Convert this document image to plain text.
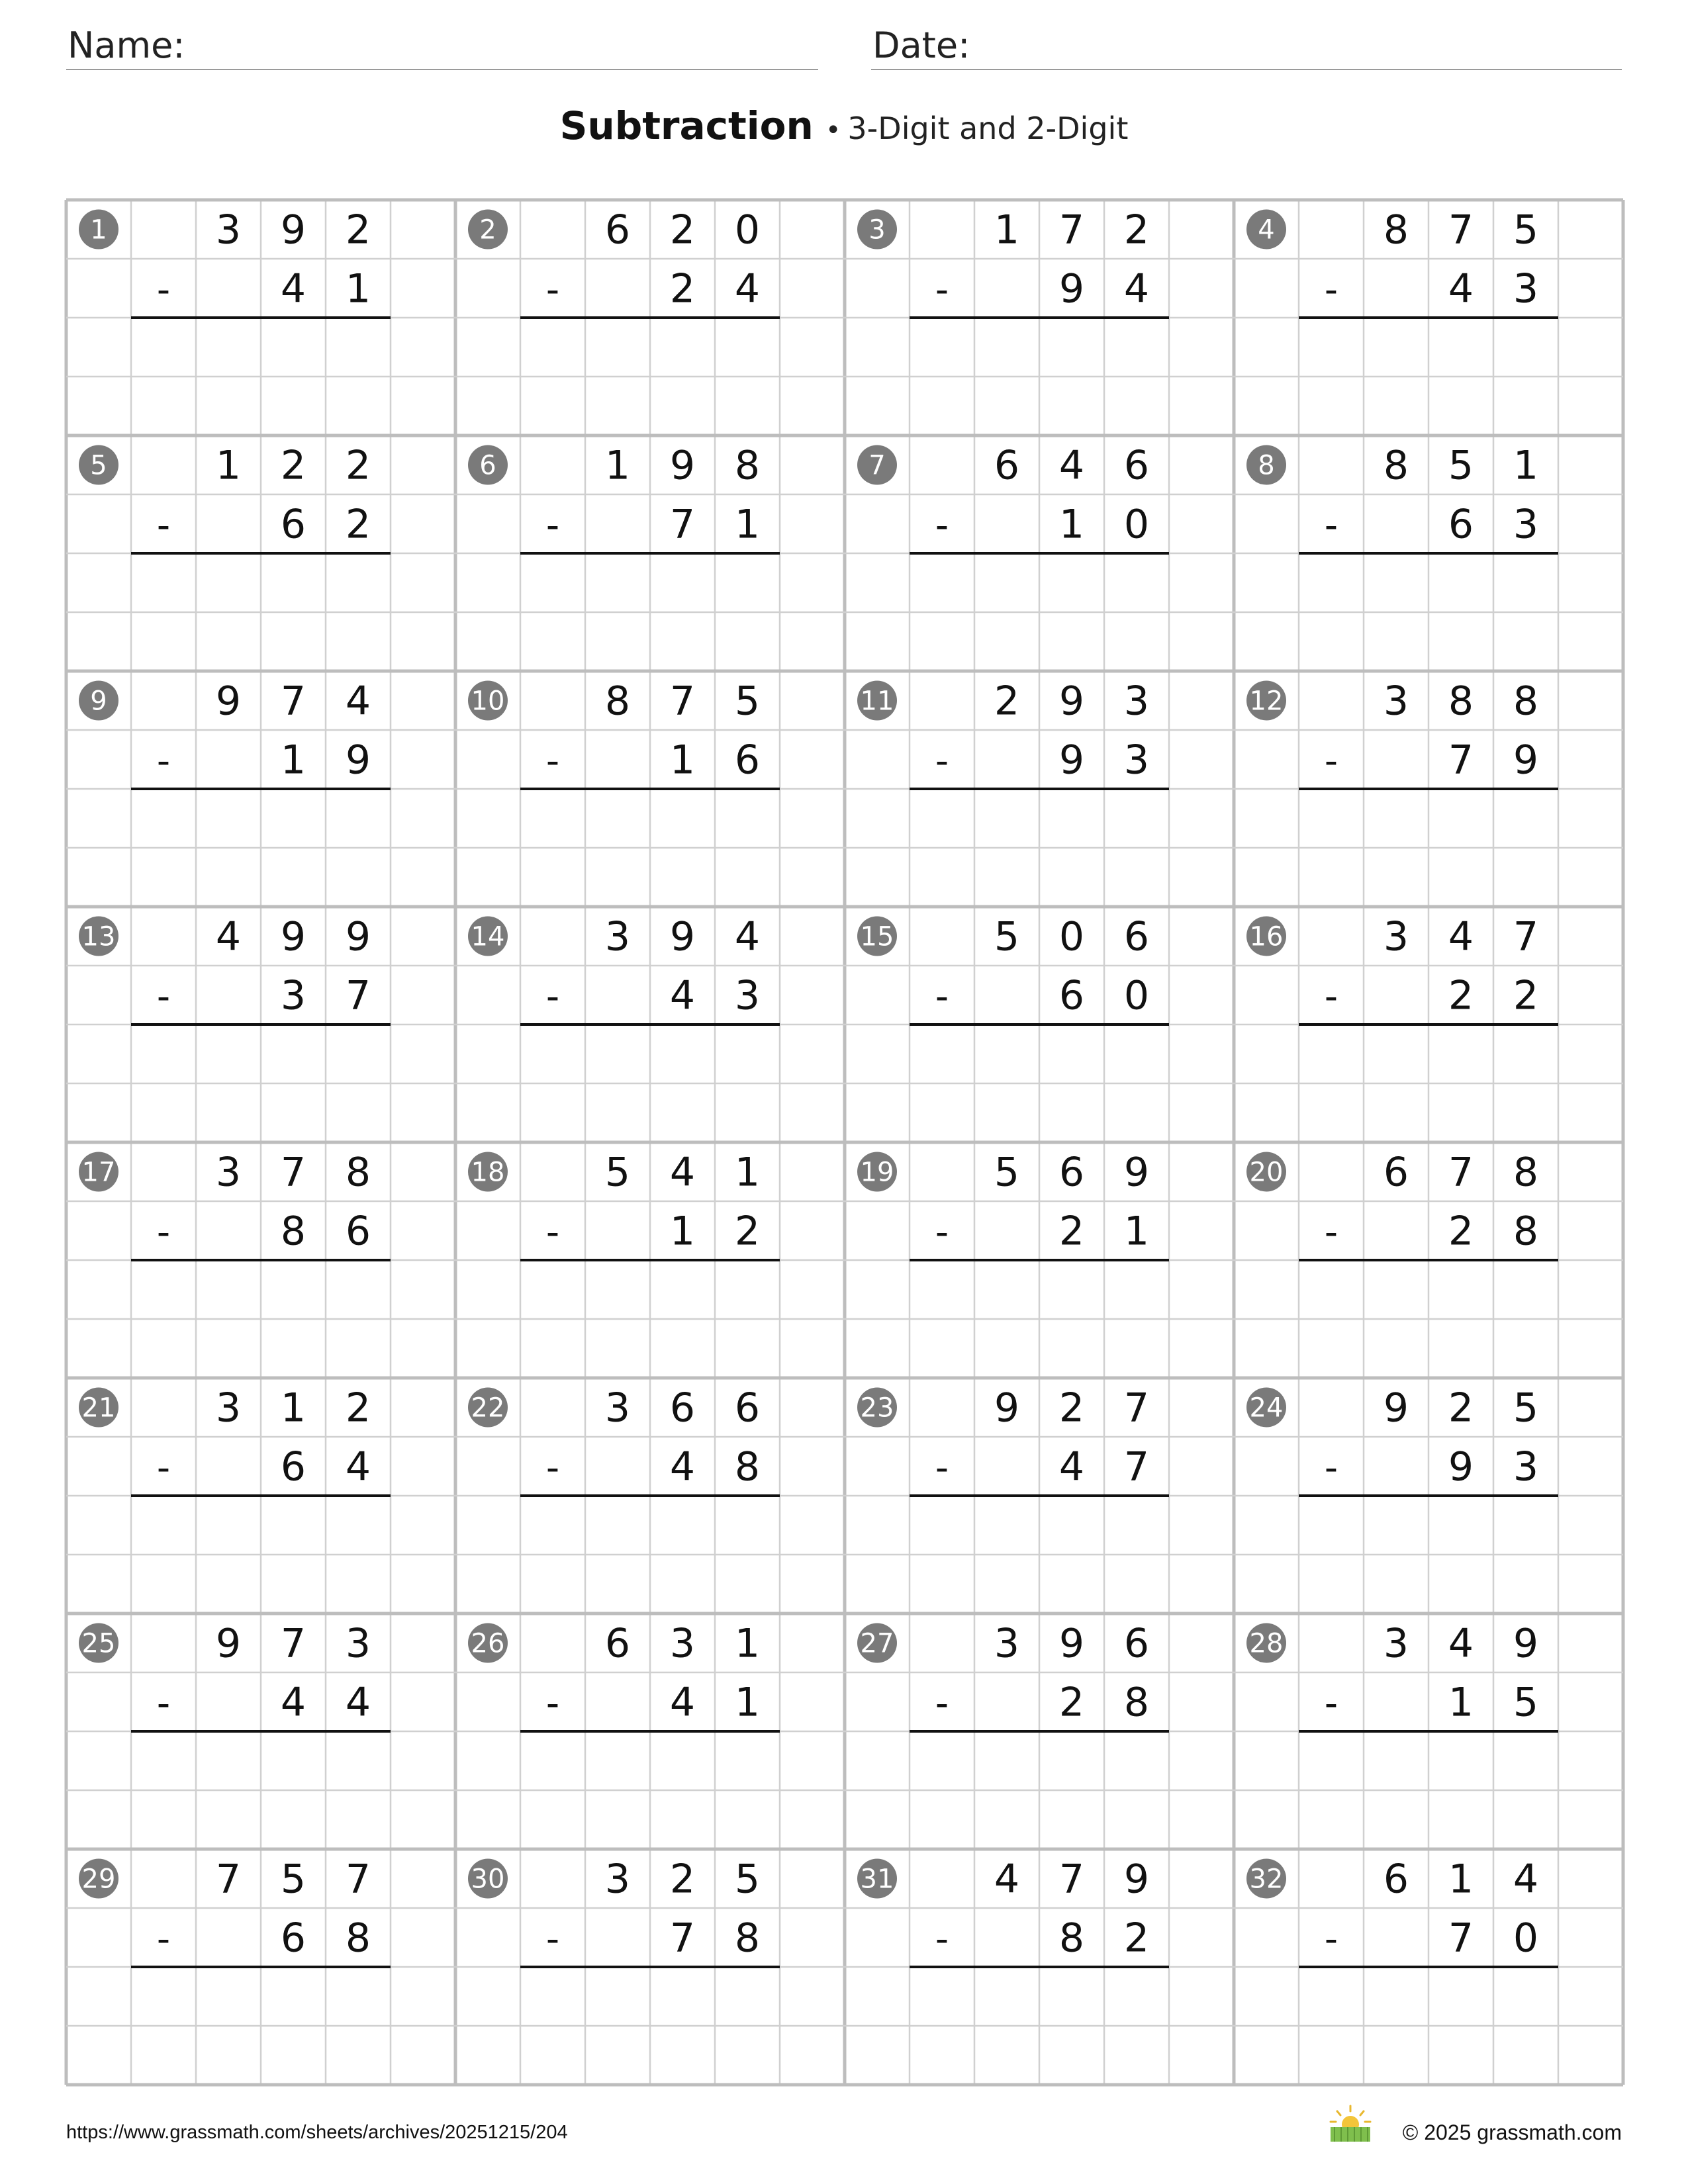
Name:	Date:
Subtraction • 3-Digit and 2-Digit
1	3 9 2
-	4 1
2	6 2 0
-	2 4
3	1 7 2
-	9 4
4	8 7 5
-	4 3
5	1 2 2
-	6 2
6	1 9 8
-	7 1
7	6 4 6
-	1 0
8	8 5 1
-	6 3
9	9 7 4
-	1 9
10	8 7 5
-	1 6
11	2 9 3
-	9 3
12	3 8 8
-	7 9
13	4 9 9
-	3 7
14	3 9 4
-	4 3
15	5 0 6
-	6 0
16	3 4 7
-	2 2
17	3 7 8
-	8 6
18	5 4 1
-	1 2
19	5 6 9
-	2 1
20	6 7 8
-	2 8
21	3 1 2
-	6 4
22	3 6 6
-	4 8
23	9 2 7
-	4 7
24	9 2 5
-	9 3
25	9 7 3
-	4 4
26	6 3 1
-	4 1
27	3 9 6
-	2 8
28	3 4 9
-	1 5
29	7 5 7
-	6 8
30	3 2 5
-	7 8
31	4 7 9
-	8 2
32	6 1 4
-	7 0
https://www.grassmath.com/sheets/archives/20251215/204	© 2025 grassmath.com
